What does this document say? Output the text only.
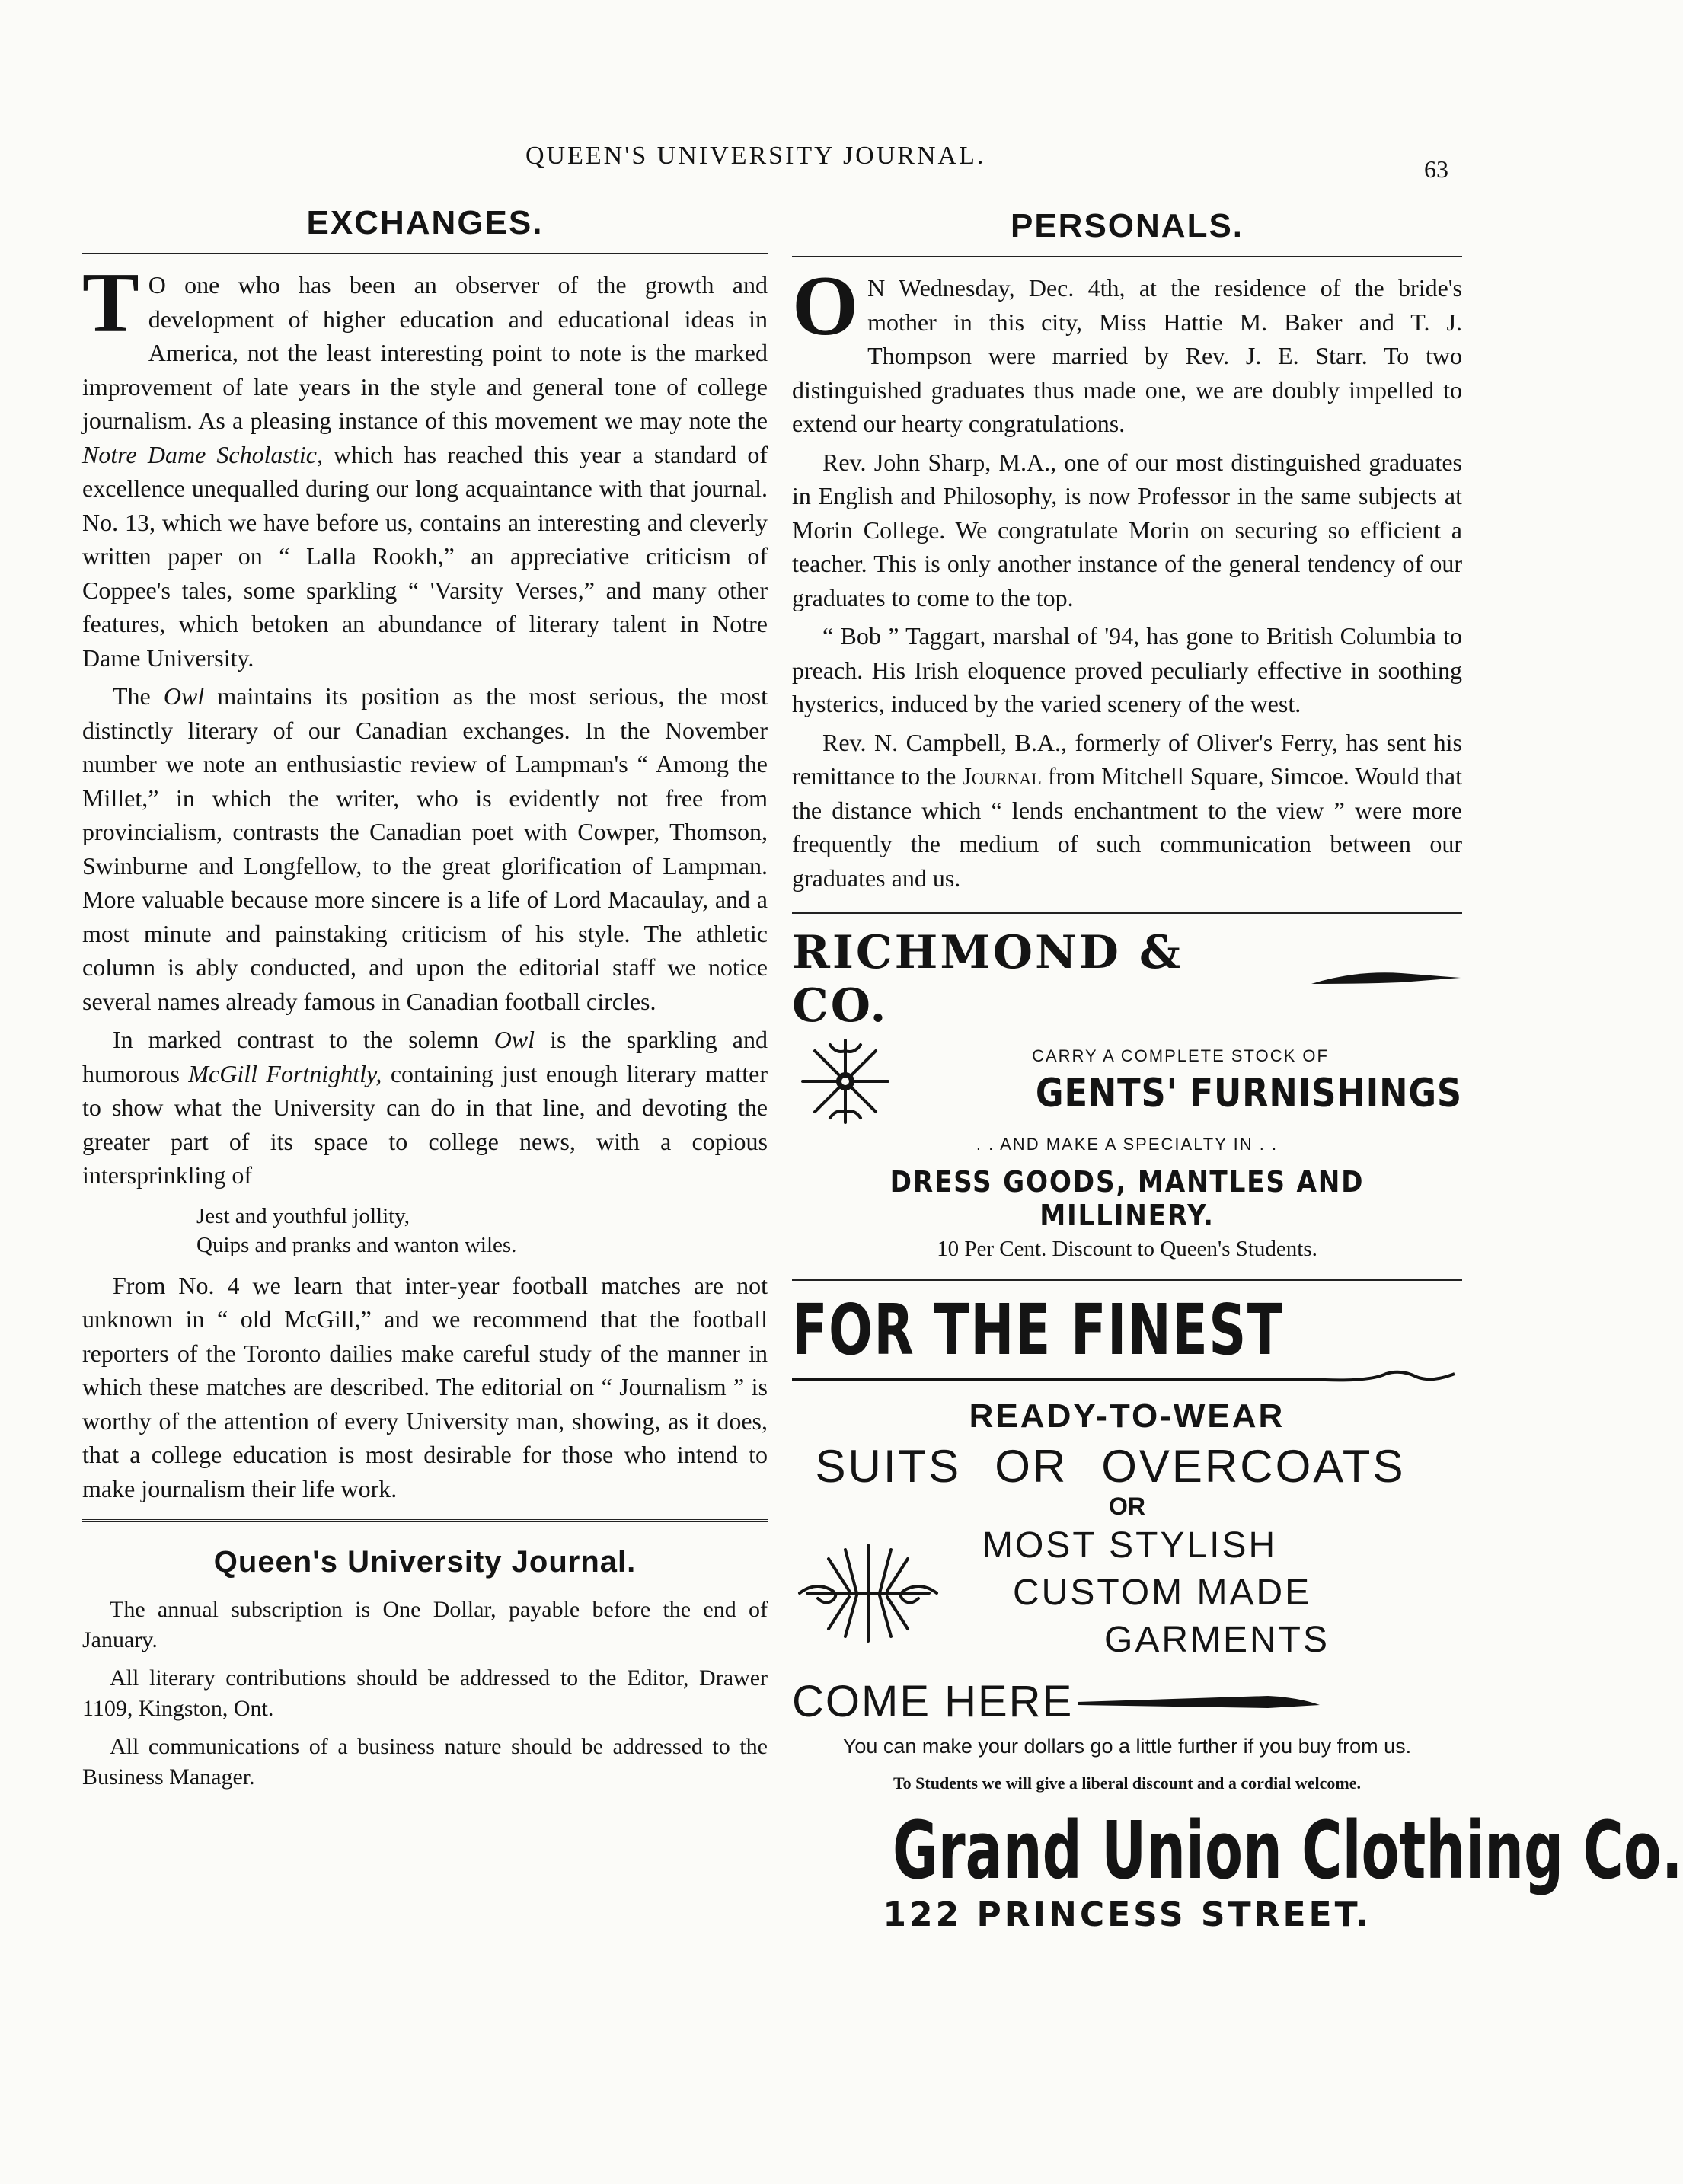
QUEEN'S UNIVERSITY JOURNAL.	63
EXCHANGES.

T O one who has been an observer of the growth and development of higher education and educational ideas in America, not the least interesting point to note is the marked improvement of late years in the style and general tone of college journalism. As a pleasing instance of this movement we may note the Notre Dame Scholastic, which has reached this year a standard of excellence unequalled during our long acquaintance with that journal. No. 13, which we have before us, contains an interesting and cleverly written paper on “ Lalla Rookh,” an appreciative criticism of Coppee's tales, some sparkling “ 'Varsity Verses,” and many other features, which betoken an abundance of literary talent in Notre Dame University.

The Owl maintains its position as the most serious, the most distinctly literary of our Canadian exchanges. In the November number we note an enthusiastic review of Lampman's “ Among the Millet,” in which the writer, who is evidently not free from provincialism, contrasts the Canadian poet with Cowper, Thomson, Swinburne and Longfellow, to the great glorification of Lampman. More valuable because more sincere is a life of Lord Macaulay, and a most minute and painstaking criticism of his style. The athletic column is ably conducted, and upon the editorial staff we notice several names already famous in Canadian football circles.

In marked contrast to the solemn Owl is the sparkling and humorous McGill Fortnightly, containing just enough literary matter to show what the University can do in that line, and devoting the greater part of its space to college news, with a copious intersprinkling of

Jest and youthful jollity,
Quips and pranks and wanton wiles.

From No. 4 we learn that inter-year football matches are not unknown in “ old McGill,” and we recommend that the football reporters of the Toronto dailies make careful study of the manner in which these matches are described. The editorial on “ Journalism ” is worthy of the attention of every University man, showing, as it does, that a college education is most desirable for those who intend to make journalism their life work.

Queen's University Journal.

The annual subscription is One Dollar, payable before the end of January.

All literary contributions should be addressed to the Editor, Drawer 1109, Kingston, Ont.

All communications of a business nature should be addressed to the Business Manager.

PERSONALS.

O N Wednesday, Dec. 4th, at the residence of the bride's mother in this city, Miss Hattie M. Baker and T. J. Thompson were married by Rev. J. E. Starr. To two distinguished graduates thus made one, we are doubly impelled to extend our hearty congratulations.

Rev. John Sharp, M.A., one of our most distinguished graduates in English and Philosophy, is now Professor in the same subjects at Morin College. We congratulate Morin on securing so efficient a teacher. This is only another instance of the general tendency of our graduates to come to the top.

“ Bob ” Taggart, marshal of '94, has gone to British Columbia to preach. His Irish eloquence proved peculiarly effective in soothing hysterics, induced by the varied scenery of the west.

Rev. N. Campbell, B.A., formerly of Oliver's Ferry, has sent his remittance to the Journal from Mitchell Square, Simcoe. Would that the distance which “ lends enchantment to the view ” were more frequently the medium of such communication between our graduates and us.

RICHMOND & CO.
CARRY A COMPLETE STOCK OF
GENTS' FURNISHINGS
. . AND MAKE A SPECIALTY IN . .
DRESS GOODS, MANTLES AND MILLINERY.
10 Per Cent. Discount to Queen's Students.
FOR THE FINEST
READY-TO-WEAR
SUITS OR OVERCOATS
OR
MOST STYLISH
CUSTOM MADE
GARMENTS
COME HERE
You can make your dollars go a little further if you buy from us.
To Students we will give a liberal discount and a cordial welcome.
Grand Union Clothing Co.
122 PRINCESS STREET.
